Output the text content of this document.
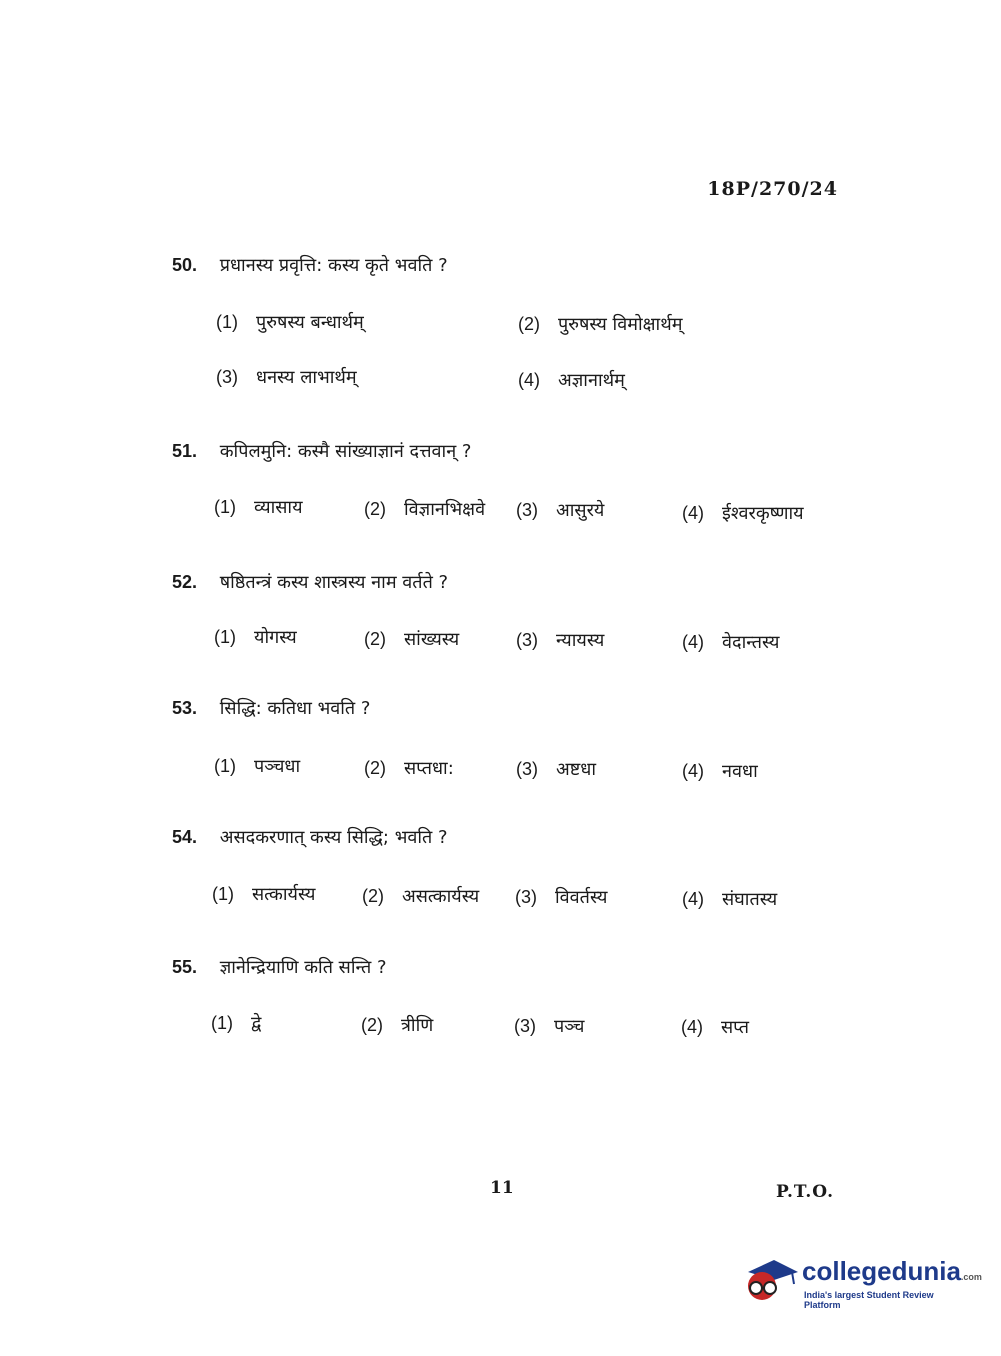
18P/270/24
50. प्रधानस्य प्रवृत्ति: कस्य कृते भवति ?
(1) पुरुषस्य बन्धार्थम्	(2) पुरुषस्य विमोक्षार्थम्
(3) धनस्य लाभार्थम्	(4) अज्ञानार्थम्
51. कपिलमुनि: कस्मै सांख्याज्ञानं दत्तवान् ?
(1) व्यासाय	(2) विज्ञानभिक्षवे (3) आसुरये	(4) ईश्वरकृष्णाय
52. षष्ठितन्त्रं कस्य शास्त्रस्य नाम वर्तते ?
(1) योगस्य	(2) सांख्यस्य	(3) न्यायस्य	(4) वेदान्तस्य
53. सिद्धि: कतिधा भवति ?
(1) पञ्चधा	(2) सप्तधा:	(3) अष्टधा	(4) नवधा
54. असदकरणात् कस्य सिद्धि; भवति ?
(1) सत्कार्यस्य	(2) असत्कार्यस्य (3) विवर्तस्य	(4) संघातस्य
55. ज्ञानेन्द्रियाणि कति सन्ति ?
(1) द्वे	(2) त्रीणि	(3) पञ्च	(4) सप्त
11	P.T.O.
collegedunia.com
India's largest Student Review Platform
